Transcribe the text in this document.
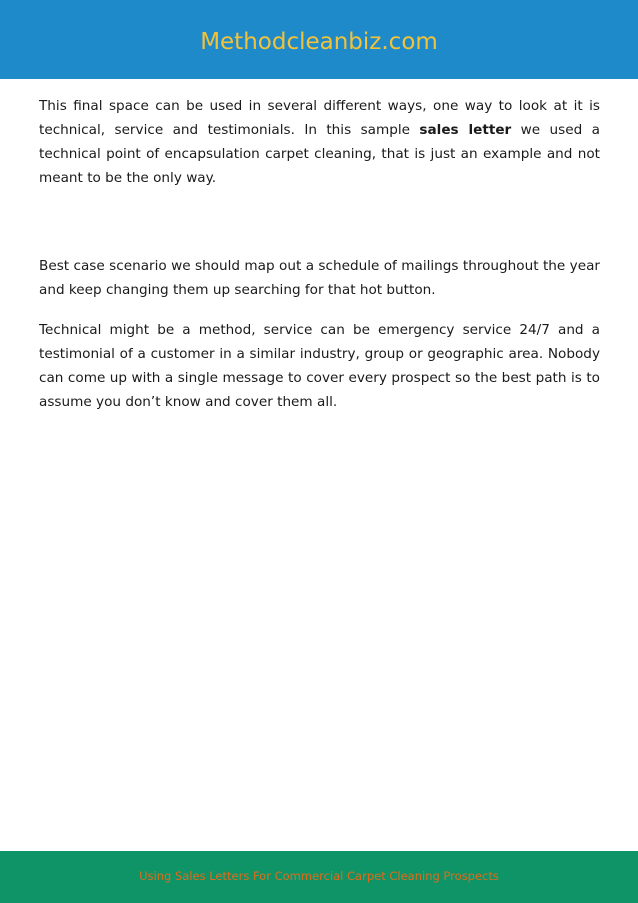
Methodcleanbiz.com

This final space can be used in several different ways, one way to look at it is technical, service and testimonials. In this sample sales letter we used a technical point of encapsulation carpet cleaning, that is just an example and not meant to be the only way.

Best case scenario we should map out a schedule of mailings throughout the year and keep changing them up searching for that hot button.

Technical might be a method, service can be emergency service 24/7 and a testimonial of a customer in a similar industry, group or geographic area. Nobody can come up with a single message to cover every prospect so the best path is to assume you don’t know and cover them all.

Using Sales Letters For Commercial Carpet Cleaning Prospects
